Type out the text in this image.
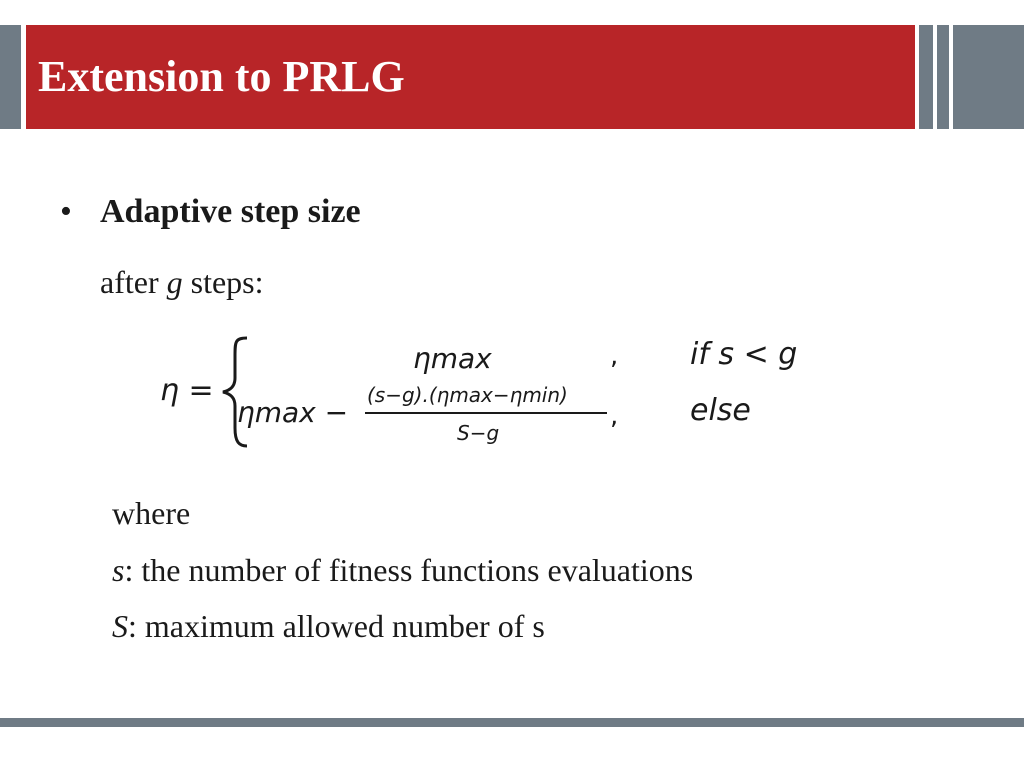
Extension to PRLG
• Adaptive step size
after g steps:
η =
ηmax	, if s < g
ηmax −
(s−g).(ηmax−ηmin)
S−g
, else
where
s: the number of fitness functions evaluations
S: maximum allowed number of s
